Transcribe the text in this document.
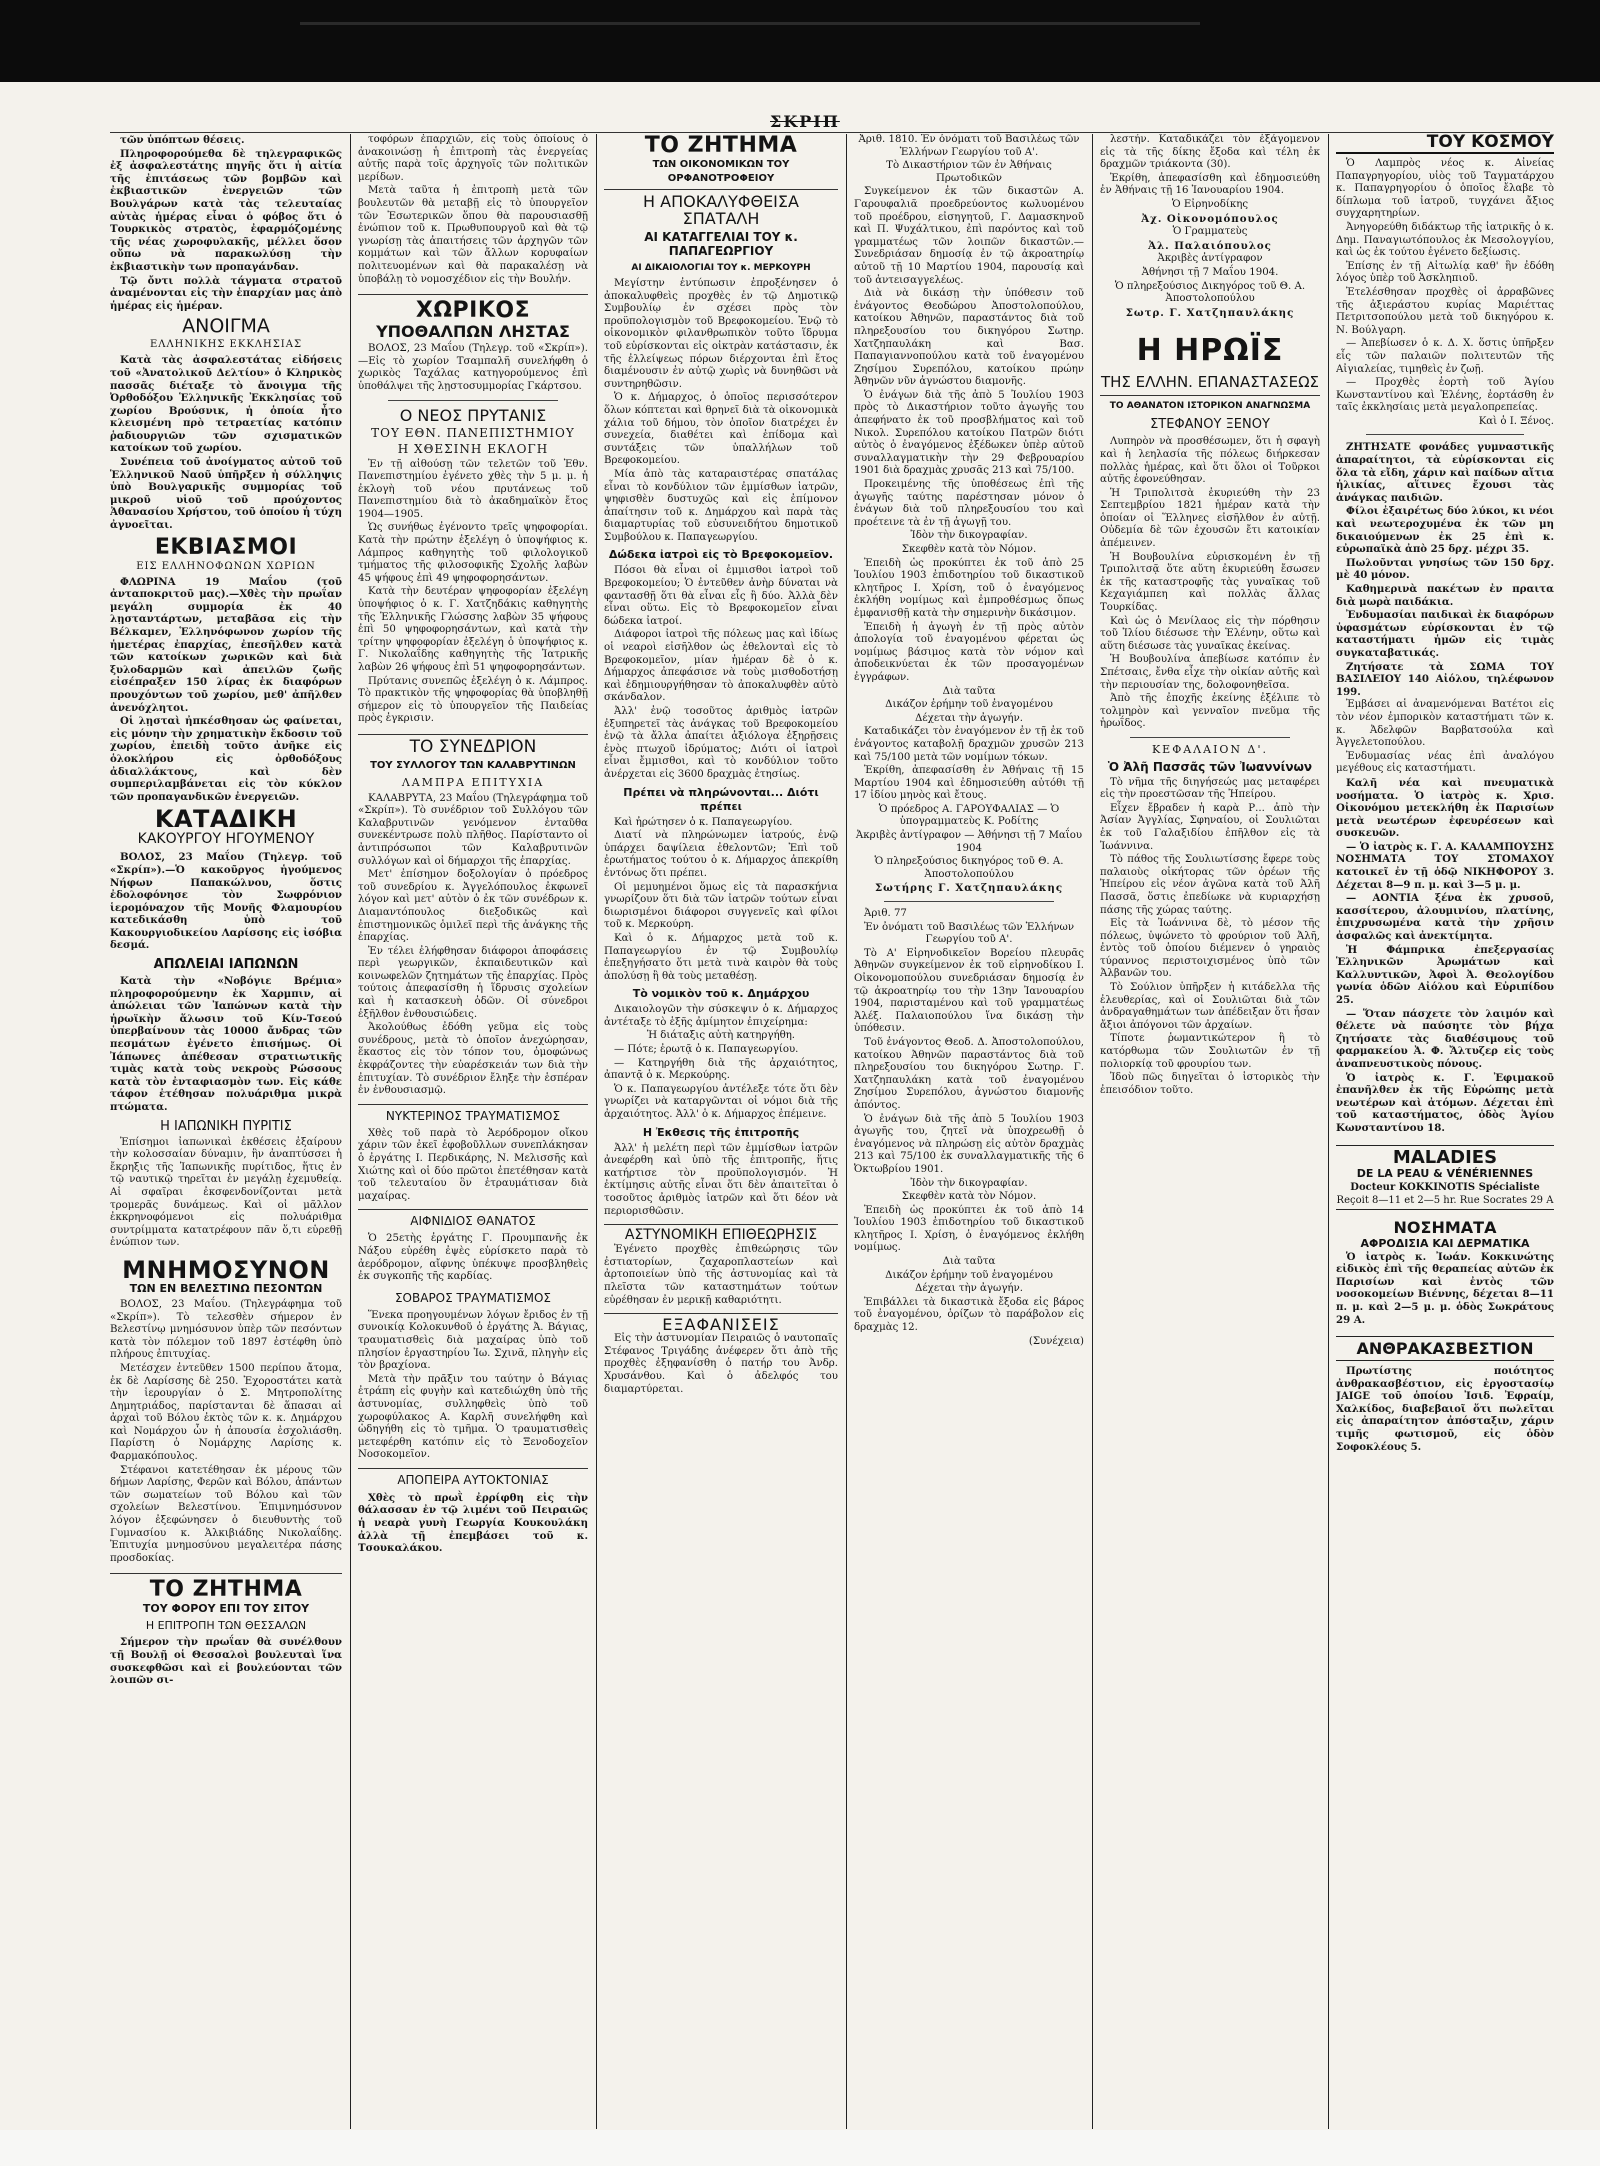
ΣΚΡΙΠ

τῶν ὑπόπτων θέσεις.

Πληροφορούμεθα δὲ τηλεγραφικῶς ἐξ ἀσφαλεστάτης πηγῆς ὅτι ἡ αἰτία τῆς ἐπιτάσεως τῶν βομβῶν καὶ ἐκβιαστικῶν ἐνεργειῶν τῶν Βουλγάρων κατὰ τὰς τελευταίας αὐτὰς ἡμέρας εἶναι ὁ φόβος ὅτι ὁ Τουρκικὸς στρατὸς, ἐφαρμόζομένης τῆς νέας χωροφυλακῆς, μέλλει ὅσον οὔπω νὰ παρακωλύσῃ τὴν ἐκβιαστικὴν των προπαγάνδαν.

Τῷ ὄντι πολλὰ τάγματα στρατοῦ ἀναμένονται εἰς τὴν ἐπαρχίαν μας ἀπὸ ἡμέρας εἰς ἡμέραν.

ΑΝΟΙΓΜΑ
ΕΛΛΗΝΙΚΗΣ ΕΚΚΛΗΣΙΑΣ

Κατὰ τὰς ἀσφαλεστάτας εἰδήσεις τοῦ «Ἀνατολικοῦ Δελτίου» ὁ Κληρικὸς πασσᾶς διέταξε τὸ ἄνοιγμα τῆς Ὀρθοδόξου Ἑλληνικῆς Ἐκκλησίας τοῦ χωρίου Βρούσνικ, ἡ ὁποία ἦτο κλεισμένη πρὸ τετραετίας κατόπιν ῥαδιουργιῶν τῶν σχισματικῶν κατοίκων τοῦ χωρίου.

Συνέπεια τοῦ ἀνοίγματος αὐτοῦ τοῦ Ἑλληνικοῦ Ναοῦ ὑπῆρξεν ἡ σύλληψις ὑπὸ Βουλγαρικῆς συμμορίας τοῦ μικροῦ υἱοῦ τοῦ προύχοντος Ἀθανασίου Χρήστου, τοῦ ὁποίου ἡ τύχη ἀγνοεῖται.

ΕΚΒΙΑΣΜΟΙ
ΕΙΣ ΕΛΛΗΝΟΦΩΝΩΝ ΧΩΡΙΩΝ

ΦΛΩΡΙΝΑ 19 Μαΐου (τοῦ ἀνταποκριτοῦ μας).—Χθὲς τὴν πρωΐαν μεγάλη συμμορία ἐκ 40 λῃσταντάρτων, μεταβᾶσα εἰς τὴν Βέλκαμεν, Ἑλληνόφωνον χωρίον τῆς ἡμετέρας ἐπαρχίας, ἐπεσῆλθεν κατὰ τῶν κατοίκων χωρικῶν καὶ διὰ ξυλοδαρμῶν καὶ ἀπειλῶν ζωῆς εἰσέπραξεν 150 λίρας ἐκ διαφόρων προυχόντων τοῦ χωρίου, μεθ' ἀπῆλθεν ἀνενόχλητοι.

Οἱ λῃσταὶ ἠπκέσθησαν ὡς φαίνεται, εἰς μόνην τὴν χρηματικὴν ἔκδοσιν τοῦ χωρίου, ἐπειδὴ τοῦτο ἀνῆκε εἰς ὁλοκλήρου εἰς ὀρθοδόξους ἀδιαλλάκτους, καὶ δὲν συμπεριλαμβάνεται εἰς τὸν κύκλον τῶν προπαγανδικῶν ἐνεργειῶν.

ΚΑΤΑΔΙΚΗ
ΚΑΚΟΥΡΓΟΥ ΗΓΟΥΜΕΝΟΥ

ΒΟΛΟΣ, 23 Μαΐου (Τηλεγρ. τοῦ «Σκρίπ»).—Ὁ κακοῦργος ἡγούμενος Νήφων Παπακώλνου, ὅστις ἐδολοφόνησε τὸν Σωφρόνιον ἱερομόναχον τῆς Μονῆς Φλαμουρίου κατεδικάσθη ὑπὸ τοῦ Κακουργιοδικείου Λαρίσσης εἰς ἰσόβια δεσμά.

ΑΠΩΛΕΙΑΙ ΙΑΠΩΝΩΝ

Κατὰ τὴν «Νοβόγιε Βρέμια» πληροφορούμενην ἐκ Χαρμπιν, αἱ ἀπώλειαι τῶν Ἰαπώνων κατὰ τὴν ἡρωϊκὴν ἅλωσιν τοῦ Κίν-Τσεού ὑπερβαίνουν τὰς 10000 ἄνδρας τῶν πεσμάτων ἐγένετο ἐπισήμως. Οἱ Ἰάπωνες ἀπέθεσαν στρατιωτικῆς τιμὰς κατὰ τοὺς νεκροὺς Ρώσσους κατὰ τὸν ἐνταφιασμὸν των. Εἰς κάθε τάφον ἐτέθησαν πολυάριθμα μικρὰ πτώματα.

Η ΙΑΠΩΝΙΚΗ ΠΥΡΙΤΙΣ

Ἐπίσημοι ἰαπωνικαὶ ἐκθέσεις ἐξαίρουν τὴν κολοσσαίαν δύναμιν, ἣν ἀναπτύσσει ἡ ἔκρηξις τῆς Ἰαπωνικῆς πυρίτιδος, ἥτις ἐν τῷ ναυτικῷ τηρεῖται ἐν μεγάλῃ ἐχεμυθείᾳ. Αἱ σφαῖραι ἐκσφενδονίζονται μετὰ τρομερᾶς δυνάμεως. Καὶ οἱ μᾶλλον ἐκκρηνοφόμενοι εἰς πολυάριθμα συντρίμματα κατατρέφουν πᾶν ὅ,τι εὑρεθῇ ἐνώπιον των.

ΜΝΗΜΟΣΥΝΟΝ
ΤΩΝ ΕΝ ΒΕΛΕΣΤΙΝΩ ΠΕΣΟΝΤΩΝ

ΒΟΛΟΣ, 23 Μαΐου. (Τηλεγράφημα τοῦ «Σκρίπ»). Τὸ τελεσθὲν σήμερον ἐν Βελεστίνῳ μνημόσυνον ὑπὲρ τῶν πεσόντων κατὰ τὸν πόλεμον τοῦ 1897 ἐστέφθη ὑπὸ πλήρους ἐπιτυχίας.

Μετέσχεν ἐντεῦθεν 1500 περίπου ἄτομα, ἐκ δὲ Λαρίσσης δὲ 250. Ἐχοροστάτει κατὰ τὴν ἱερουργίαν ὁ Σ. Μητροπολίτης Δημητριάδος, παρίστανται δὲ ἅπασαι αἱ ἀρχαὶ τοῦ Βόλου ἐκτὸς τῶν κ. κ. Δημάρχου καὶ Νομάρχου ὧν ἡ ἀπουσία ἐσχολιάσθη. Παρίστη ὁ Νομάρχης Λαρίσης κ. Φαρμακόπουλος.

Στέφανοι κατετέθησαν ἐκ μέρους τῶν δήμων Λαρίσης, Φερῶν καὶ Βόλου, ἁπάντων τῶν σωματείων τοῦ Βόλου καὶ τῶν σχολείων Βελεστίνου. Ἐπιμνημόσυνον λόγον ἐξεφώνησεν ὁ διευθυντὴς τοῦ Γυμνασίου κ. Ἀλκιβιάδης Νικολαΐδης. Ἐπιτυχία μνημοσύνου μεγαλειτέρα πάσης προσδοκίας.

ΤΟ ΖΗΤΗΜΑ
ΤΟΥ ΦΟΡΟΥ ΕΠΙ ΤΟΥ ΣΙΤΟΥ
Η ΕΠΙΤΡΟΠΗ ΤΩΝ ΘΕΣΣΑΛΩΝ

Σήμερον τὴν πρωΐαν θὰ συνέλθουν τῇ Βουλῇ οἱ Θεσσαλοὶ βουλευταὶ ἵνα συσκεφθῶσι καὶ εἰ βουλεύονται τῶν λοιπῶν σι-

τοφόρων ἐπαρχιῶν, εἰς τοὺς ὁποίους ὁ ἀνακοινώσῃ ἡ ἐπιτροπὴ τὰς ἐνεργείας αὐτῆς παρὰ τοῖς ἀρχηγοῖς τῶν πολιτικῶν μερίδων.

Μετὰ ταῦτα ἡ ἐπιτροπὴ μετὰ τῶν βουλευτῶν θὰ μεταβῇ εἰς τὸ ὑπουργεῖον τῶν Ἐσωτερικῶν ὅπου θὰ παρουσιασθῇ ἐνώπιον τοῦ κ. Πρωθυπουργοῦ καὶ θὰ τῷ γνωρίσῃ τὰς ἀπαιτήσεις τῶν ἀρχηγῶν τῶν κομμάτων καὶ τῶν ἄλλων κορυφαίων πολιτευομένων καὶ θὰ παρακαλέσῃ νὰ ὑποβάλῃ τὸ νομοσχέδιον εἰς τὴν Βουλήν.

ΧΩΡΙΚΟΣ
ΥΠΟΘΑΛΠΩΝ ΛΗΣΤΑΣ

ΒΟΛΟΣ, 23 Μαΐου (Τηλεγρ. τοῦ «Σκρίπ»).—Εἰς τὸ χωρίον Τσαμπαλῆ συνελήφθη ὁ χωρικὸς Ταχάλας κατηγορούμενος ἐπὶ ὑποθάλψει τῆς λῃστοσυμμορίας Γκάρτσου.

Ο ΝΕΟΣ ΠΡΥΤΑΝΙΣ
ΤΟΥ ΕΘΝ. ΠΑΝΕΠΙΣΤΗΜΙΟΥ
Η ΧΘΕΣΙΝΗ ΕΚΛΟΓΗ

Ἐν τῇ αἰθούσῃ τῶν τελετῶν τοῦ Ἐθν. Πανεπιστημίου ἐγένετο χθὲς τὴν 5 μ. μ. ἡ ἐκλογὴ τοῦ νέου πρυτάνεως τοῦ Πανεπιστημίου διὰ τὸ ἀκαδημαϊκὸν ἔτος 1904—1905.

Ὡς συνήθως ἐγένοντο τρεῖς ψηφοφορίαι. Κατὰ τὴν πρώτην ἐξελέγη ὁ ὑποψήφιος κ. Λάμπρος καθηγητὴς τοῦ φιλολογικοῦ τμήματος τῆς φιλοσοφικῆς Σχολῆς λαβὼν 45 ψήφους ἐπὶ 49 ψηφοφορησάντων.

Κατὰ τὴν δευτέραν ψηφοφορίαν ἐξελέγη ὑποψήφιος ὁ κ. Γ. Χατζηδάκις καθηγητὴς τῆς Ἑλληνικῆς Γλώσσης λαβὼν 35 ψήφους ἐπὶ 50 ψηφοφορησάντων, καὶ κατὰ τὴν τρίτην ψηφοφορίαν ἐξελέγη ὁ ὑποψήφιος κ. Γ. Νικολαΐδης καθηγητὴς τῆς Ἰατρικῆς λαβὼν 26 ψήφους ἐπὶ 51 ψηφοφορησάντων.

Πρύτανις συνεπῶς ἐξελέγη ὁ κ. Λάμπρος. Τὸ πρακτικὸν τῆς ψηφοφορίας θὰ ὑποβληθῇ σήμερον εἰς τὸ ὑπουργεῖον τῆς Παιδείας πρὸς ἐγκρισιν.

ΤΟ ΣΥΝΕΔΡΙΟΝ
ΤΟΥ ΣΥΛΛΟΓΟΥ ΤΩΝ ΚΑΛΑΒΡΥΤΙΝΩΝ
ΛΑΜΠΡΑ ΕΠΙΤΥΧΙΑ

ΚΑΛΑΒΡΥΤΑ, 23 Μαΐου (Τηλεγράφημα τοῦ «Σκρίπ»). Τὸ συνέδριον τοῦ Συλλόγου τῶν Καλαβρυτινῶν γενόμενον ἐνταῦθα συνεκέντρωσε πολὺ πλῆθος. Παρίσταντο οἱ ἀντιπρόσωποι τῶν Καλαβρυτινῶν συλλόγων καὶ οἱ δήμαρχοι τῆς ἐπαρχίας.

Μετ' ἐπίσημον δοξολογίαν ὁ πρόεδρος τοῦ συνεδρίου κ. Ἀγγελόπουλος ἐκφωνεῖ λόγον καὶ μετ' αὐτὸν ὁ ἐκ τῶν συνέδρων κ. Διαμαντόπουλος διεξοδικῶς καὶ ἐπιστημονικῶς ὁμιλεῖ περὶ τῆς ἀνάγκης τῆς ἐπαρχίας.

Ἐν τέλει ἐλήφθησαν διάφοροι ἀποφάσεις περὶ γεωργικῶν, ἐκπαιδευτικῶν καὶ κοινωφελῶν ζητημάτων τῆς ἐπαρχίας. Πρὸς τούτοις ἀπεφασίσθη ἡ ἵδρυσις σχολείων καὶ ἡ κατασκευὴ ὁδῶν. Οἱ σύνεδροι ἐξῆλθον ἐνθουσιώδεις.

Ἀκολούθως ἐδόθη γεῦμα εἰς τοὺς συνέδρους, μετὰ τὸ ὁποῖον ἀνεχώρησαν, ἕκαστος εἰς τὸν τόπον του, ὁμοφώνως ἐκφράζοντες τὴν εὐαρέσκειάν των διὰ τὴν ἐπιτυχίαν. Τὸ συνέδριον ἔληξε τὴν ἑσπέραν ἐν ἐνθουσιασμῷ.

ΝΥΚΤΕΡΙΝΟΣ ΤΡΑΥΜΑΤΙΣΜΟΣ

Χθὲς τοῦ παρὰ τὸ Ἀερόδρομον οἴκου χάριν τῶν ἐκεῖ ἐφοβοῦλλων συνεπλάκησαν ὁ ἐργάτης Ι. Περδικάρης, Ν. Μελισσῆς καὶ Χιώτης καὶ οἱ δύο πρῶτοι ἐπετέθησαν κατὰ τοῦ τελευταίου ὃν ἐτραυμάτισαν διὰ μαχαίρας.

ΑΙΦΝΙΔΙΟΣ ΘΑΝΑΤΟΣ

Ὁ 25ετὴς ἐργάτης Γ. Προυμπανῆς ἐκ Νάξου εὑρέθη ἐψὲς εὑρίσκετο παρὰ τὸ ἀερόδρομον, αἴφνης ὑπέκυψε προσβληθεὶς ἐκ συγκοπῆς τῆς καρδίας.

ΣΟΒΑΡΟΣ ΤΡΑΥΜΑΤΙΣΜΟΣ

Ἕνεκα προηγουμένων λόγων ἔριδος ἐν τῇ συνοικίᾳ Κολοκυνθοῦ ὁ ἐργάτης Ἀ. Βάγιας, τραυματισθεὶς διὰ μαχαίρας ὑπὸ τοῦ πλησίον ἐργαστηρίου Ἰω. Σχινᾶ, πληγὴν εἰς τὸν βραχίονα.

Μετὰ τὴν πρᾶξιν του ταύτην ὁ Βάγιας ἐτράπη εἰς φυγὴν καὶ κατεδιώχθη ὑπὸ τῆς ἀστυνομίας, συλληφθεὶς ὑπὸ τοῦ χωροφύλακος Α. Καρλῆ συνελήφθη καὶ ὡδηγήθη εἰς τὸ τμῆμα. Ὁ τραυματισθεὶς μετεφέρθη κατόπιν εἰς τὸ Ξενοδοχεῖον Νοσοκομεῖον.

ΑΠΟΠΕΙΡΑ ΑΥΤΟΚΤΟΝΙΑΣ

Χθὲς τὸ πρωῒ ἐρρίφθη εἰς τὴν θάλασσαν ἐν τῷ λιμένι τοῦ Πειραιῶς ἡ νεαρὰ γυνὴ Γεωργία Κουκουλάκη ἀλλὰ τῇ ἐπεμβάσει τοῦ κ. Τσουκαλάκου.

ΤΟ ΖΗΤΗΜΑ
ΤΩΝ ΟΙΚΟΝΟΜΙΚΩΝ ΤΟΥ ΟΡΦΑΝΟΤΡΟΦΕΙΟΥ
Η ΑΠΟΚΑΛΥΦΘΕΙΣΑ ΣΠΑΤΑΛΗ
ΑΙ ΚΑΤΑΓΓΕΛΙΑΙ ΤΟΥ κ. ΠΑΠΑΓΕΩΡΓΙΟΥ
ΑΙ ΔΙΚΑΙΟΛΟΓΙΑΙ ΤΟΥ κ. ΜΕΡΚΟΥΡΗ

Μεγίστην ἐντύπωσιν ἐπροξένησεν ὁ ἀποκαλυφθεὶς προχθὲς ἐν τῷ Δημοτικῷ Συμβουλίῳ ἐν σχέσει πρὸς τὸν προϋπολογισμὸν τοῦ Βρεφοκομείου. Ἐνῷ τὸ οἰκονομικὸν φιλανθρωπικὸν τοῦτο ἵδρυμα τοῦ εὑρίσκονται εἰς οἰκτρὰν κατάστασιν, ἐκ τῆς ἐλλείψεως πόρων διέρχονται ἐπὶ ἔτος διαμένουσιν ἐν αὐτῷ χωρὶς νὰ δυνηθῶσι νὰ συντηρηθῶσιν.

Ὁ κ. Δήμαρχος, ὁ ὁποῖος περισσότερον ὅλων κόπτεται καὶ θρηνεῖ διὰ τὰ οἰκονομικὰ χάλια τοῦ δήμου, τὸν ὁποῖον διατρέχει ἐν συνεχεία, διαθέτει καὶ ἐπίδομα καὶ συντάξεις τῶν ὑπαλλήλων τοῦ Βρεφοκομείου.

Μία ἀπὸ τὰς καταραιστέρας σπατάλας εἶναι τὸ κονδύλιον τῶν ἐμμίσθων ἰατρῶν, ψηφισθὲν δυστυχῶς καὶ εἰς ἐπίμονον ἀπαίτησιν τοῦ κ. Δημάρχου καὶ παρὰ τὰς διαμαρτυρίας τοῦ εὐσυνειδήτου δημοτικοῦ Συμβούλου κ. Παπαγεωργίου.

Δώδεκα ἰατροὶ εἰς τὸ Βρεφοκομεῖον.

Πόσοι θὰ εἶναι οἱ ἐμμισθοι ἰατροὶ τοῦ Βρεφοκομείου; Ὁ ἐντεῦθεν ἀνὴρ δύναται νὰ φαντασθῇ ὅτι θὰ εἶναι εἷς ἢ δύο. Ἀλλὰ δὲν εἶναι οὕτω. Εἰς τὸ Βρεφοκομεῖον εἶναι δώδεκα ἰατροί.

Διάφοροι ἰατροὶ τῆς πόλεως μας καὶ ἰδίως οἱ νεαροὶ εἰσῆλθον ὡς ἐθελονταὶ εἰς τὸ Βρεφοκομεῖον, μίαν ἡμέραν δὲ ὁ κ. Δήμαρχος ἀπεφάσισε νὰ τοὺς μισθοδοτήσῃ καὶ ἐδημιουργήθησαν τὸ ἀποκαλυφθὲν αὐτὸ σκάνδαλον.

Ἀλλ' ἐνῷ τοσοῦτος ἀριθμὸς ἰατρῶν ἐξυπηρετεῖ τὰς ἀνάγκας τοῦ Βρεφοκομείου ἐνῷ τὰ ἄλλα ἀπαίτει ἀξιόλογα ἐξηρῇσεις ἐνὸς πτωχοῦ ἰδρύματος; Διότι οἱ ἰατροὶ εἶναι ἔμμισθοι, καὶ τὸ κονδύλιον τοῦτο ἀνέρχεται εἰς 3600 δραχμὰς ἐτησίως.

Πρέπει νὰ πληρώνονται... Διότι πρέπει

Καὶ ἠρώτησεν ὁ κ. Παπαγεωργίου.

Διατί νὰ πληρώνωμεν ἰατρούς, ἐνῷ ὑπάρχει δαψίλεια ἐθελοντῶν; Ἐπὶ τοῦ ἐρωτήματος τούτου ὁ κ. Δήμαρχος ἀπεκρίθη ἐντόνως ὅτι πρέπει.

Οἱ μεμυημένοι ὅμως εἰς τὰ παρασκήνια γνωρίζουν ὅτι διὰ τῶν ἰατρῶν τούτων εἶναι διωρισμένοι διάφοροι συγγενεῖς καὶ φίλοι τοῦ κ. Μερκούρη.

Καὶ ὁ κ. Δήμαρχος μετὰ τοῦ κ. Παπαγεωργίου ἐν τῷ Συμβουλίῳ ἐπεξηγήσατο ὅτι μετὰ τινὰ καιρὸν θὰ τοὺς ἀπολύσῃ ἢ θὰ τοὺς μεταθέσῃ.

Τὸ νομικὸν τοῦ κ. Δημάρχου

Δικαιολογῶν τὴν σύσκεψιν ὁ κ. Δήμαρχος ἀντέταξε τὸ ἑξῆς ἀμίμητον ἐπιχείρημα:

Ἡ διάταξις αὐτὴ κατηργήθη.

— Πότε; ἐρωτᾷ ὁ κ. Παπαγεωργίου.

— Κατηργήθη διὰ τῆς ἀρχαιότητος, ἀπαντᾷ ὁ κ. Μερκούρης.

Ὁ κ. Παπαγεωργίου ἀντέλεξε τότε ὅτι δὲν γνωρίζει νὰ καταργῶνται οἱ νόμοι διὰ τῆς ἀρχαιότητος. Ἀλλ' ὁ κ. Δήμαρχος ἐπέμεινε.

Η Ἐκθεσις τῆς ἐπιτροπῆς

Ἀλλ' ἡ μελέτη περὶ τῶν ἐμμίσθων ἰατρῶν ἀνεφέρθη καὶ ὑπὸ τῆς ἐπιτροπῆς, ἥτις κατήρτισε τὸν προϋπολογισμόν. Ἡ ἐκτίμησις αὐτῆς εἶναι ὅτι δὲν ἀπαιτεῖται ὁ τοσοῦτος ἀριθμὸς ἰατρῶν καὶ ὅτι δέον νὰ περιορισθῶσιν.

ΑΣΤΥΝΟΜΙΚΗ ΕΠΙΘΕΩΡΗΣΙΣ

Ἐγένετο προχθὲς ἐπιθεώρησις τῶν ἐστιατορίων, ζαχαροπλαστείων καὶ ἀρτοποιείων ὑπὸ τῆς ἀστυνομίας καὶ τὰ πλεῖστα τῶν καταστημάτων τούτων εὑρέθησαν ἐν μερικῇ καθαριότητι.

ΕΞΑΦΑΝΙΣΕΙΣ

Εἰς τὴν ἀστυνομίαν Πειραιῶς ὁ ναυτοπαῖς Στέφανος Τριγάδης ἀνέφερεν ὅτι ἀπὸ τῆς προχθὲς ἐξηφανίσθη ὁ πατήρ του Ἀνδρ. Χρυσάνθου. Καὶ ὁ ἀδελφός του διαμαρτύρεται.

Ἀριθ. 1810. Ἐν ὀνόματι τοῦ Βασιλέως τῶν Ἑλλήνων Γεωργίου τοῦ Α'.

Τὸ Δικαστήριον τῶν ἐν Ἀθήναις Πρωτοδικῶν

Συγκείμενον ἐκ τῶν δικαστῶν Α. Γαρουφαλιᾶ προεδρεύοντος κωλυομένου τοῦ προέδρου, εἰσηγητοῦ, Γ. Δαμασκηνοῦ καὶ Π. Ψυχάλτικου, ἐπὶ παρόντος καὶ τοῦ γραμματέως τῶν λοιπῶν δικαστῶν.—Συνεδριάσαν δημοσίᾳ ἐν τῷ ἀκροατηρίῳ αὐτοῦ τῇ 10 Μαρτίου 1904, παρουσίᾳ καὶ τοῦ ἀντεισαγγελέως.

Διὰ νὰ δικάσῃ τὴν ὑπόθεσιν τοῦ ἐνάγοντος Θεοδώρου Ἀποστολοπούλου, κατοίκου Ἀθηνῶν, παραστάντος διὰ τοῦ πληρεξουσίου του δικηγόρου Σωτηρ. Χατζηπαυλάκη καὶ Βασ. Παπαγιαννοπούλου κατὰ τοῦ ἐναγομένου Ζησίμου Συρεπόλου, κατοίκου πρώην Ἀθηνῶν νῦν ἀγνώστου διαμονῆς.

Ὁ ἐνάγων διὰ τῆς ἀπὸ 5 Ἰουλίου 1903 πρὸς τὸ Δικαστήριον τοῦτο ἀγωγῆς του ἀπεφήνατο ἐκ τοῦ προσβλήματος καὶ τοῦ Νικολ. Συρεπόλου κατοίκου Πατρῶν διότι αὐτὸς ὁ ἐναγόμενος ἐξέδωκεν ὑπὲρ αὐτοῦ συναλλαγματικὴν τὴν 29 Φεβρουαρίου 1901 διὰ δραχμὰς χρυσᾶς 213 καὶ 75/100.

Προκειμένης τῆς ὑποθέσεως ἐπὶ τῆς ἀγωγῆς ταύτης παρέστησαν μόνον ὁ ἐνάγων διὰ τοῦ πληρεξουσίου του καὶ προέτεινε τὰ ἐν τῇ ἀγωγῇ του.

Ἰδὸν τὴν δικογραφίαν.

Σκεφθὲν κατὰ τὸν Νόμον.

Ἐπειδὴ ὡς προκύπτει ἐκ τοῦ ἀπὸ 25 Ἰουλίου 1903 ἐπιδοτηρίου τοῦ δικαστικοῦ κλητῆρος Ι. Χρίση, τοῦ ὁ ἐναγόμενος ἐκλήθη νομίμως καὶ ἐμπροθέσμως ὅπως ἐμφανισθῇ κατὰ τὴν σημερινὴν δικάσιμον.

Ἐπειδὴ ἡ ἀγωγὴ ἐν τῇ πρὸς αὐτὸν ἀπολογία τοῦ ἐναγομένου φέρεται ὡς νομίμως βάσιμος κατὰ τὸν νόμον καὶ ἀποδεικνύεται ἐκ τῶν προσαγομένων ἐγγράφων.

Διὰ ταῦτα

Δικάζον ἐρήμην τοῦ ἐναγομένου

Δέχεται τὴν ἀγωγήν.

Καταδικάζει τὸν ἐναγόμενον ἐν τῇ ἐκ τοῦ ἐνάγοντος καταβολῇ δραχμῶν χρυσῶν 213 καὶ 75/100 μετὰ τῶν νομίμων τόκων.

Ἐκρίθη, ἀπεφασίσθη ἐν Ἀθήναις τῇ 15 Μαρτίου 1904 καὶ ἐδημοσιεύθη αὐτόθι τῇ 17 ἰδίου μηνὸς καὶ ἔτους.

Ὁ πρόεδρος Α. ΓΑΡΟΥΦΑΛΙΑΣ — Ὁ ὑπογραμματεὺς Κ. Ροδίτης

Ἀκριβὲς ἀντίγραφον — Ἀθήνησι τῇ 7 Μαΐου 1904

Ὁ πληρεξούσιος δικηγόρος τοῦ Θ. Α. Ἀποστολοπούλου

Σωτήρης Γ. Χατζηπαυλάκης

Ἀριθ. 77

Ἐν ὀνόματι τοῦ Βασιλέως τῶν Ἑλλήνων Γεωργίου τοῦ Α'.

Τὸ Α' Εἰρηνοδικεῖον Βορείου πλευρᾶς Ἀθηνῶν συγκείμενον ἐκ τοῦ εἰρηνοδίκου Ι. Οἰκονομοπούλου συνεδριάσαν δημοσίᾳ ἐν τῷ ἀκροατηρίῳ του τὴν 13ην Ἰανουαρίου 1904, παρισταμένου καὶ τοῦ γραμματέως Ἀλέξ. Παλαιοπούλου ἵνα δικάσῃ τὴν ὑπόθεσιν.

Τοῦ ἐνάγοντος Θεοδ. Δ. Ἀποστολοπούλου, κατοίκου Ἀθηνῶν παραστάντος διὰ τοῦ πληρεξουσίου του δικηγόρου Σωτηρ. Γ. Χατζηπαυλάκη κατὰ τοῦ ἐναγομένου Ζησίμου Συρεπόλου, ἀγνώστου διαμονῆς ἀπόντος.

Ὁ ἐνάγων διὰ τῆς ἀπὸ 5 Ἰουλίου 1903 ἀγωγῆς του, ζητεῖ νὰ ὑποχρεωθῇ ὁ ἐναγόμενος νὰ πληρώσῃ εἰς αὐτὸν δραχμὰς 213 καὶ 75/100 ἐκ συναλλαγματικῆς τῆς 6 Ὀκτωβρίου 1901.

Ἰδὸν τὴν δικογραφίαν.

Σκεφθὲν κατὰ τὸν Νόμον.

Ἐπειδὴ ὡς προκύπτει ἐκ τοῦ ἀπὸ 14 Ἰουλίου 1903 ἐπιδοτηρίου τοῦ δικαστικοῦ κλητῆρος Ι. Χρίση, ὁ ἐναγόμενος ἐκλήθη νομίμως.

Διὰ ταῦτα

Δικάζον ἐρήμην τοῦ ἐναγομένου

Δέχεται τὴν ἀγωγήν.

Ἐπιβάλλει τὰ δικαστικὰ ἔξοδα εἰς βάρος τοῦ ἐναγομένου, ὁρίζων τὸ παράβολον εἰς δραχμὰς 12.

(Συνέχεια)

λεστήν. Καταδικάζει τὸν ἐξάγομενον εἰς τὰ τῆς δίκης ἔξοδα καὶ τέλη ἐκ δραχμῶν τριάκοντα (30).

Ἐκρίθη, ἀπεφασίσθη καὶ ἐδημοσιεύθη ἐν Ἀθήναις τῇ 16 Ἰανουαρίου 1904.

Ὁ Εἰρηνοδίκης

Ἀχ. Οἰκονομόπουλος

Ὁ Γραμματεὺς

Ἀλ. Παλαιόπουλος

Ἀκριβὲς ἀντίγραφον

Ἀθήνησι τῇ 7 Μαΐου 1904.

Ὁ πληρεξούσιος Δικηγόρος τοῦ Θ. Α. Ἀποστολοπούλου

Σωτρ. Γ. Χατζηπαυλάκης

Η ΗΡΩΪΣ
ΤΗΣ ΕΛΛΗΝ. ΕΠΑΝΑΣΤΑΣΕΩΣ
ΤΟ ΑΘΑΝΑΤΟΝ ΙΣΤΟΡΙΚΟΝ ΑΝΑΓΝΩΣΜΑ
ΣΤΕΦΑΝΟΥ ΞΕΝΟΥ

Λυπηρὸν νὰ προσθέσωμεν, ὅτι ἡ σφαγὴ καὶ ἡ λεηλασία τῆς πόλεως διήρκεσαν πολλὰς ἡμέρας, καὶ ὅτι ὅλοι οἱ Τοῦρκοι αὐτῆς ἐφονεύθησαν.

Ἡ Τριπολιτσὰ ἐκυριεύθη τὴν 23 Σεπτεμβρίου 1821 ἡμέραν κατὰ τὴν ὁποίαν οἱ Ἕλληνες εἰσῆλθον ἐν αὐτῇ. Οὐδεμία δὲ τῶν ἐχουσῶν ἔτι κατοικίαν ἀπέμεινεν.

Ἡ Βουβουλίνα εὑρισκομένη ἐν τῇ Τριπολιτσᾷ ὅτε αὕτη ἐκυριεύθη ἔσωσεν ἐκ τῆς καταστροφῆς τὰς γυναῖκας τοῦ Κεχαγιάμπεη καὶ πολλὰς ἄλλας Τουρκίδας.

Καὶ ὡς ὁ Μενίλαος εἰς τὴν πόρθησιν τοῦ Ἰλίου διέσωσε τὴν Ἑλένην, οὕτω καὶ αὕτη διέσωσε τὰς γυναῖκας ἐκείνας.

Ἡ Βουβουλίνα ἀπεβίωσε κατόπιν ἐν Σπέτσαις, ἔνθα εἶχε τὴν οἰκίαν αὐτῆς καὶ τὴν περιουσίαν της, δολοφονηθεῖσα.

Ἀπὸ τῆς ἐποχῆς ἐκείνης ἐξέλιπε τὸ τολμηρὸν καὶ γενναῖον πνεῦμα τῆς ἡρωΐδος.

ΚΕΦΑΛΑΙΟΝ Δ'.
Ὁ Ἀλῆ Πασσᾶς τῶν Ἰωαννίνων

Τὸ νῆμα τῆς διηγήσεώς μας μεταφέρει εἰς τὴν προεστῶσαν τῆς Ἠπείρου.

Εἶχεν ἔβραδεν ἡ καρὰ Ρ... ἀπὸ τὴν Ἀσίαν Ἀγγλίας, Σφηναίου, οἱ Σουλιῶται ἐκ τοῦ Γαλαξιδίου ἐπῆλθον εἰς τὰ Ἰωάννινα.

Τὸ πάθος τῆς Σουλιωτίσσης ἔφερε τοὺς παλαιοὺς οἰκήτορας τῶν ὀρέων τῆς Ἠπείρου εἰς νέον ἀγῶνα κατὰ τοῦ Ἀλῆ Πασσᾶ, ὅστις ἐπεδίωκε νὰ κυριαρχήσῃ πάσης τῆς χώρας ταύτης.

Εἰς τὰ Ἰωάννινα δὲ, τὸ μέσον τῆς πόλεως, ὑψώνετο τὸ φρούριον τοῦ Ἀλῆ, ἐντὸς τοῦ ὁποίου διέμενεν ὁ γηραιὸς τύραννος περιστοιχισμένος ὑπὸ τῶν Ἀλβανῶν του.

Τὸ Σούλιον ὑπῆρξεν ἡ κιτάδελλα τῆς ἐλευθερίας, καὶ οἱ Σουλιῶται διὰ τῶν ἀνδραγαθημάτων των ἀπέδειξαν ὅτι ἦσαν ἄξιοι ἀπόγονοι τῶν ἀρχαίων.

Τίποτε ῥωμαντικώτερον ἢ τὸ κατόρθωμα τῶν Σουλιωτῶν ἐν τῇ πολιορκίᾳ τοῦ φρουρίου των.

Ἰδοὺ πῶς διηγεῖται ὁ ἱστορικὸς τὴν ἐπεισόδιον τοῦτο.

ΤΟΥ ΚΟΣΜΟΥ

Ὁ Λαμπρὸς νέος κ. Αἰνείας Παπαγρηγορίου, υἱὸς τοῦ Ταγματάρχου κ. Παπαγρηγορίου ὁ ὁποῖος ἔλαβε τὸ δίπλωμα τοῦ ἰατροῦ, τυγχάνει ἄξιος συγχαρητηρίων.

Ἀνηγορεύθη διδάκτωρ τῆς ἰατρικῆς ὁ κ. Δημ. Παναγιωτόπουλος ἐκ Μεσολογγίου, καὶ ὡς ἐκ τούτου ἐγένετο δεξίωσις.

Ἐπίσης ἐν τῇ Αἰτωλίᾳ καθ' ἣν ἐδόθη λόγος ὑπὲρ τοῦ Ἀσκληπιοῦ.

Ἐτελέσθησαν προχθὲς οἱ ἀρραβῶνες τῆς ἀξιεράστου κυρίας Μαριέττας Πετριτσοπούλου μετὰ τοῦ δικηγόρου κ. Ν. Βούλγαρη.

— Ἀπεβίωσεν ὁ κ. Δ. Χ. ὅστις ὑπῆρξεν εἷς τῶν παλαιῶν πολιτευτῶν τῆς Αἰγιαλείας, τιμηθεὶς ἐν ζωῇ.

— Προχθὲς ἑορτὴ τοῦ Ἁγίου Κωνσταντίνου καὶ Ἑλένης, ἐορτάσθη ἐν ταῖς ἐκκλησίαις μετὰ μεγαλοπρεπείας.

Καὶ ὁ Ι. Ξένος.

ΖΗΤΗΣΑΤΕ φονάδες γυμναστικῆς ἀπαραίτητοι, τὰ εὑρίσκονται εἰς ὅλα τὰ εἴδη, χάριν καὶ παίδων αἴτια ἡλικίας, αἵτινες ἔχουσι τὰς ἀνάγκας παιδιῶν.

Φίλοι ἐξαιρέτως δύο λύκοι, κι νέοι καὶ νεωτεροχυμένα ἐκ τῶν μη δικαιούμενων ἐκ 25 ἐπὶ κ. εὐρωπαϊκὰ ἀπὸ 25 δρχ. μέχρι 35.

Πωλοῦνται γνησίως τῶν 150 δρχ. μὲ 40 μόνον.

Καθημερινὰ πακέτων ἐν πραιτα διὰ μωρὰ παιδάκια.

Ἐνδυμασίαι παιδικαὶ ἐκ διαφόρων ὑφασμάτων εὑρίσκονται ἐν τῷ καταστήματι ἡμῶν εἰς τιμὰς συγκαταβατικάς.

Ζητήσατε τὰ ΣΩΜΑ ΤΟΥ ΒΑΣΙΛΕΙΟΥ 140 Αἰόλου, τηλέφωνον 199.

Ἐμβάσει αἱ ἀναμενόμεναι Βατέτοι εἰς τὸν νέον ἐμπορικὸν καταστήματι τῶν κ. κ. Ἀδελφῶν Βαρβατσούλα καὶ Ἀγγελετοπούλου.

Ἐνδυμασίας νέας ἐπὶ ἀναλόγου μεγέθους εἰς καταστήματι.

Καλῆ νέα καὶ πνευματικὰ νοσήματα. Ὁ ἰατρὸς κ. Χρισ. Οἰκονόμου μετεκλήθη ἐκ Παρισίων μετὰ νεωτέρων ἐφευρέσεων καὶ συσκευῶν.

— Ὁ ἰατρὸς κ. Γ. Α. ΚΑΛΑΜΠΟΥΣΗΣ ΝΟΣΗΜΑΤΑ ΤΟΥ ΣΤΟΜΑΧΟΥ κατοικεῖ ἐν τῇ ὁδῷ ΝΙΚΗΦΟΡΟΥ 3. Δέχεται 8—9 π. μ. καὶ 3—5 μ. μ.

— ΑΟΝΤΙΑ ξένα ἐκ χρυσοῦ, κασσίτερου, ἀλουμινίου, πλατίνης, ἐπιχρυσωμένα κατὰ τὴν χρῆσιν ἀσφαλῶς καὶ ἀνεκτίμητα.

Ἡ Φάμπρικα ἐπεξεργασίας Ἑλληνικῶν Ἀρωμάτων καὶ Καλλυντικῶν, Ἀφοὶ Ἀ. Θεολογίδου γωνία ὁδῶν Αἰόλου καὶ Εὐριπίδου 25.

— Ὅταν πάσχετε τὸν λαιμόν καὶ θέλετε νὰ παύσητε τὸν βήχα ζητήσατε τὰς διαθέσιμους τοῦ φαρμακείου Ἀ. Φ. Ἄλτυζερ εἰς τοὺς ἀναπνευστικοὺς πόνους.

Ὁ ἰατρὸς κ. Γ. Ἐφιμακοῦ ἐπανῆλθεν ἐκ τῆς Εὐρώπης μετὰ νεωτέρων καὶ ἀτόμων. Δέχεται ἐπὶ τοῦ καταστήματος, ὁδὸς Ἁγίου Κωνσταντίνου 18.

MALADIES
DE LA PEAU & VÉNÉRIENNES
Docteur KOKKINOTIS Spécialiste
Reçoit 8—11 et 2—5 hr. Rue Socrates 29 A
ΝΟΣΗΜΑΤΑ
ΑΦΡΟΔΙΣΙΑ ΚΑΙ ΔΕΡΜΑΤΙΚΑ

Ὁ ἰατρὸς κ. Ἰωάν. Κοκκινώτης εἰδικὸς ἐπὶ τῆς θεραπείας αὐτῶν ἐκ Παρισίων καὶ ἐντὸς τῶν νοσοκομείων Βιέννης, δέχεται 8—11 π. μ. καὶ 2—5 μ. μ. ὁδὸς Σωκράτους 29 Α.

ΑΝΘΡΑΚΑΣΒΕΣΤΙΟΝ

Πρωτίστης ποιότητος ἀνθρακασβέστιον, εἰς ἐργοστασίῳ JAIGE τοῦ ὁποίου Ἰσιδ. Ἐφραίμ, Χαλκίδος, διαβεβαιοῖ ὅτι πωλεῖται εἰς ἀπαραίτητον ἀπόσταξιν, χάριν τιμῆς φωτισμοῦ, εἰς ὁδὸν Σοφοκλέους 5.
